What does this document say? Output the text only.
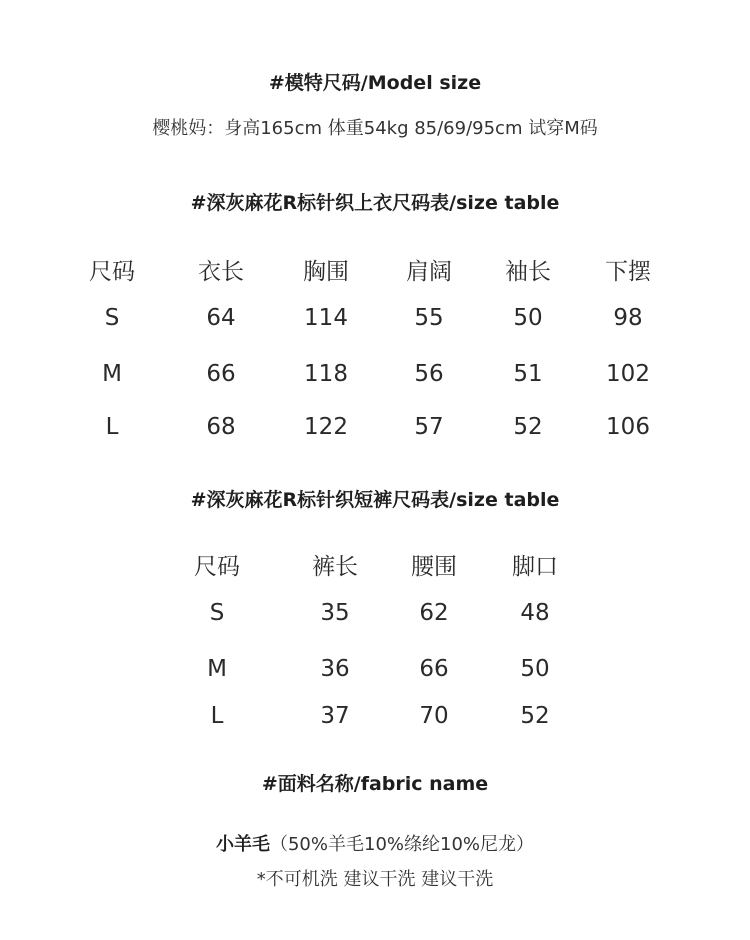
#模特尺码/Model size
樱桃妈：身高165cm 体重54kg 85/69/95cm 试穿M码
#深灰麻花R标针织上衣尺码表/size table
尺码	衣长	胸围	肩阔	袖长	下摆
S	64	114	55	50	98
M	66	118	56	51	102
L	68	122	57	52	106
#深灰麻花R标针织短裤尺码表/size table
尺码	裤长	腰围	脚口
S	35	62	48
M	36	66	50
L	37	70	52
#面料名称/fabric name
小羊毛（50%羊毛10%绦纶10%尼龙）
*不可机洗 建议干洗 建议干洗
